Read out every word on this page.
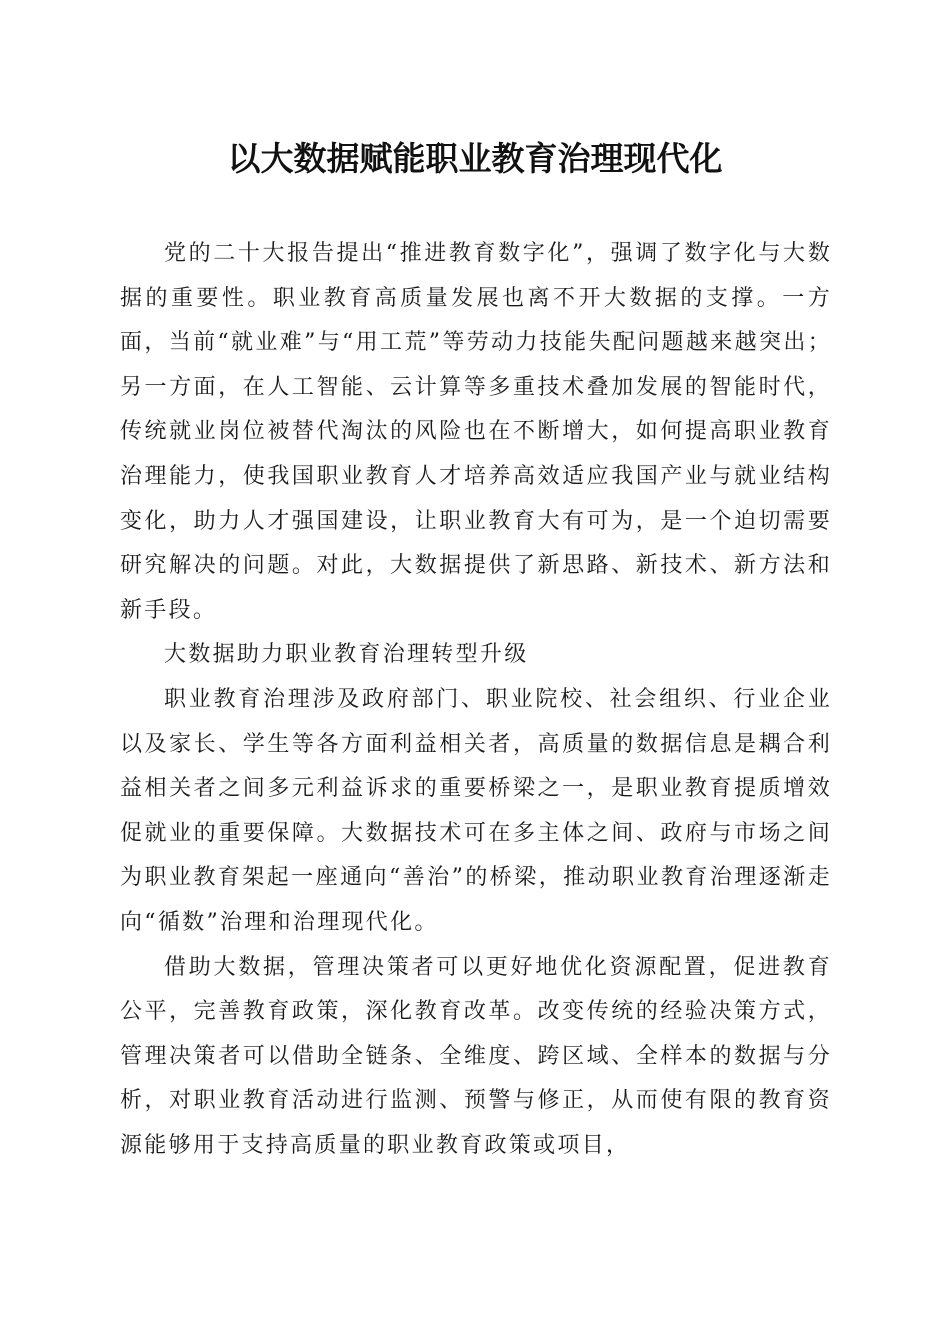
以大数据赋能职业教育治理现代化

党的二十大报告提出“推进教育数字化”，强调了数字化与大数据的重要性。职业教育高质量发展也离不开大数据的支撑。一方面，当前“就业难”与“用工荒”等劳动力技能失配问题越来越突出；另一方面，在人工智能、云计算等多重技术叠加发展的智能时代，传统就业岗位被替代淘汰的风险也在不断增大，如何提高职业教育治理能力，使我国职业教育人才培养高效适应我国产业与就业结构变化，助力人才强国建设，让职业教育大有可为，是一个迫切需要研究解决的问题。对此，大数据提供了新思路、新技术、新方法和新手段。

大数据助力职业教育治理转型升级

职业教育治理涉及政府部门、职业院校、社会组织、行业企业以及家长、学生等各方面利益相关者，高质量的数据信息是耦合利益相关者之间多元利益诉求的重要桥梁之一，是职业教育提质增效促就业的重要保障。大数据技术可在多主体之间、政府与市场之间为职业教育架起一座通向“善治”的桥梁，推动职业教育治理逐渐走向“循数”治理和治理现代化。

借助大数据，管理决策者可以更好地优化资源配置，促进教育公平，完善教育政策，深化教育改革。改变传统的经验决策方式，管理决策者可以借助全链条、全维度、跨区域、全样本的数据与分析，对职业教育活动进行监测、预警与修正，从而使有限的教育资源能够用于支持高质量的职业教育政策或项目，
